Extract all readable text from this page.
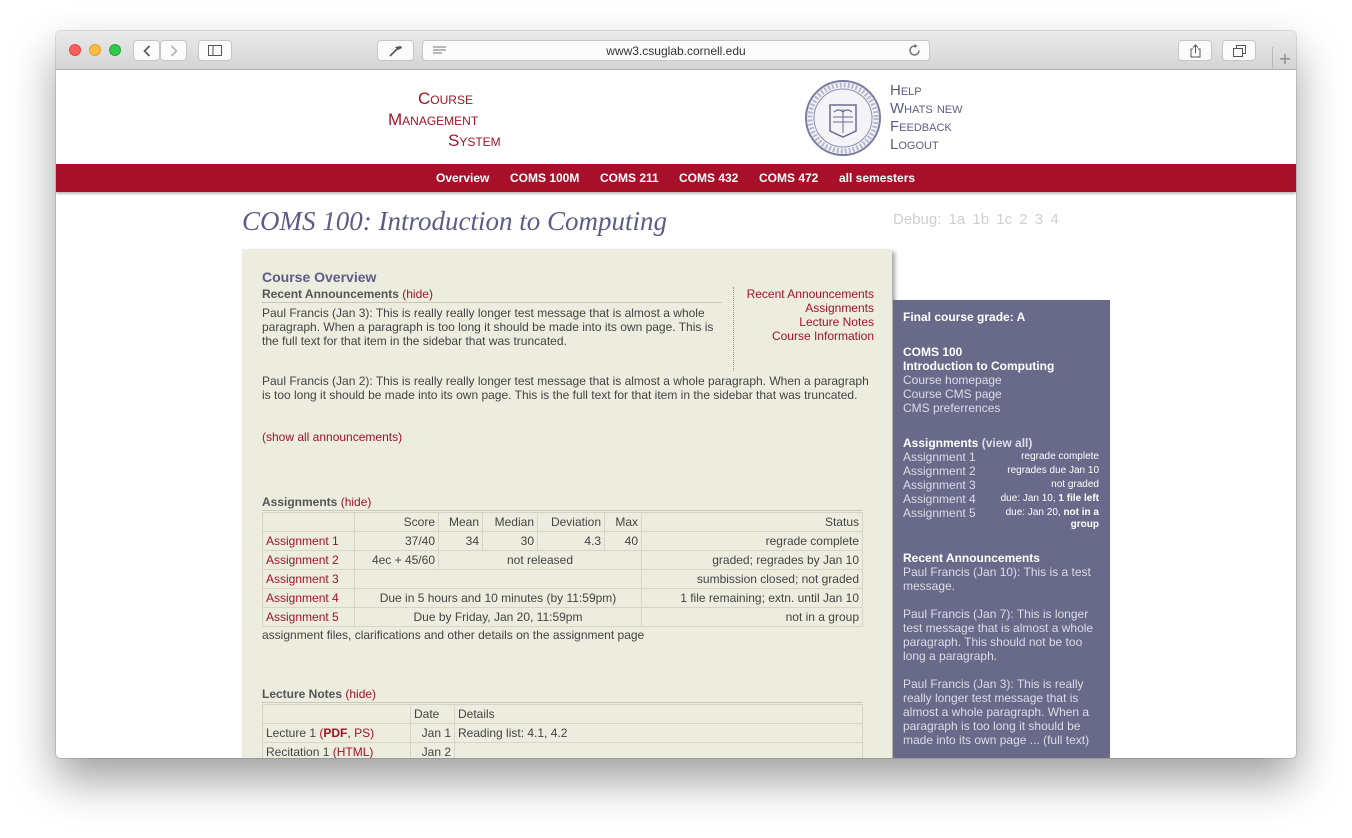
www3.csuglab.cornell.edu	+
Course
Management
System
Help
Whats new
Feedback
Logout
Overview COMS 100M COMS 211 COMS 432 COMS 472 all semesters
COMS 100: Introduction to Computing	Debug: 1a 1b 1c 2 3 4
Course Overview
Recent Announcements (hide)
Paul Francis (Jan 3): This is really really longer test message that is almost a whole paragraph. When a paragraph is too long it should be made into its own page. This is the full text for that item in the sidebar that was truncated.
Recent Announcements
Assignments
Lecture Notes
Course Information
Paul Francis (Jan 2): This is really really longer test message that is almost a whole paragraph. When a paragraph is too long it should be made into its own page. This is the full text for that item in the sidebar that was truncated.
(show all announcements)
Assignments (hide)
	Score	Mean	Median	Deviation	Max	Status
Assignment 1	37/40	34	30	4.3	40	regrade complete
Assignment 2	4ec + 45/60	not released				graded; regrades by Jan 10
Assignment 3						sumbission closed; not graded
Assignment 4	Due in 5 hours and 10 minutes (by 11:59pm)					1 file remaining; extn. until Jan 10
Assignment 5	Due by Friday, Jan 20, 11:59pm					not in a group
assignment files, clarifications and other details on the assignment page
Lecture Notes (hide)
	Date	Details
Lecture 1 (PDF, PS)	Jan 1	Reading list: 4.1, 4.2
Recitation 1 (HTML)	Jan 2	
Final course grade: A
COMS 100
Introduction to Computing
Course homepage
Course CMS page
CMS preferrences
Assignments (view all)
Assignment 1	regrade complete
Assignment 2	regrades due Jan 10
Assignment 3	not graded
Assignment 4 due: Jan 10, 1 file left
Assignment 5	due: Jan 20, not in a
group
Recent Announcements
Paul Francis (Jan 10): This is a test message.
Paul Francis (Jan 7): This is longer test message that is almost a whole paragraph. This should not be too long a paragraph.
Paul Francis (Jan 3): This is really really longer test message that is almost a whole paragraph. When a paragraph is too long it should be made into its own page ... (full text)
